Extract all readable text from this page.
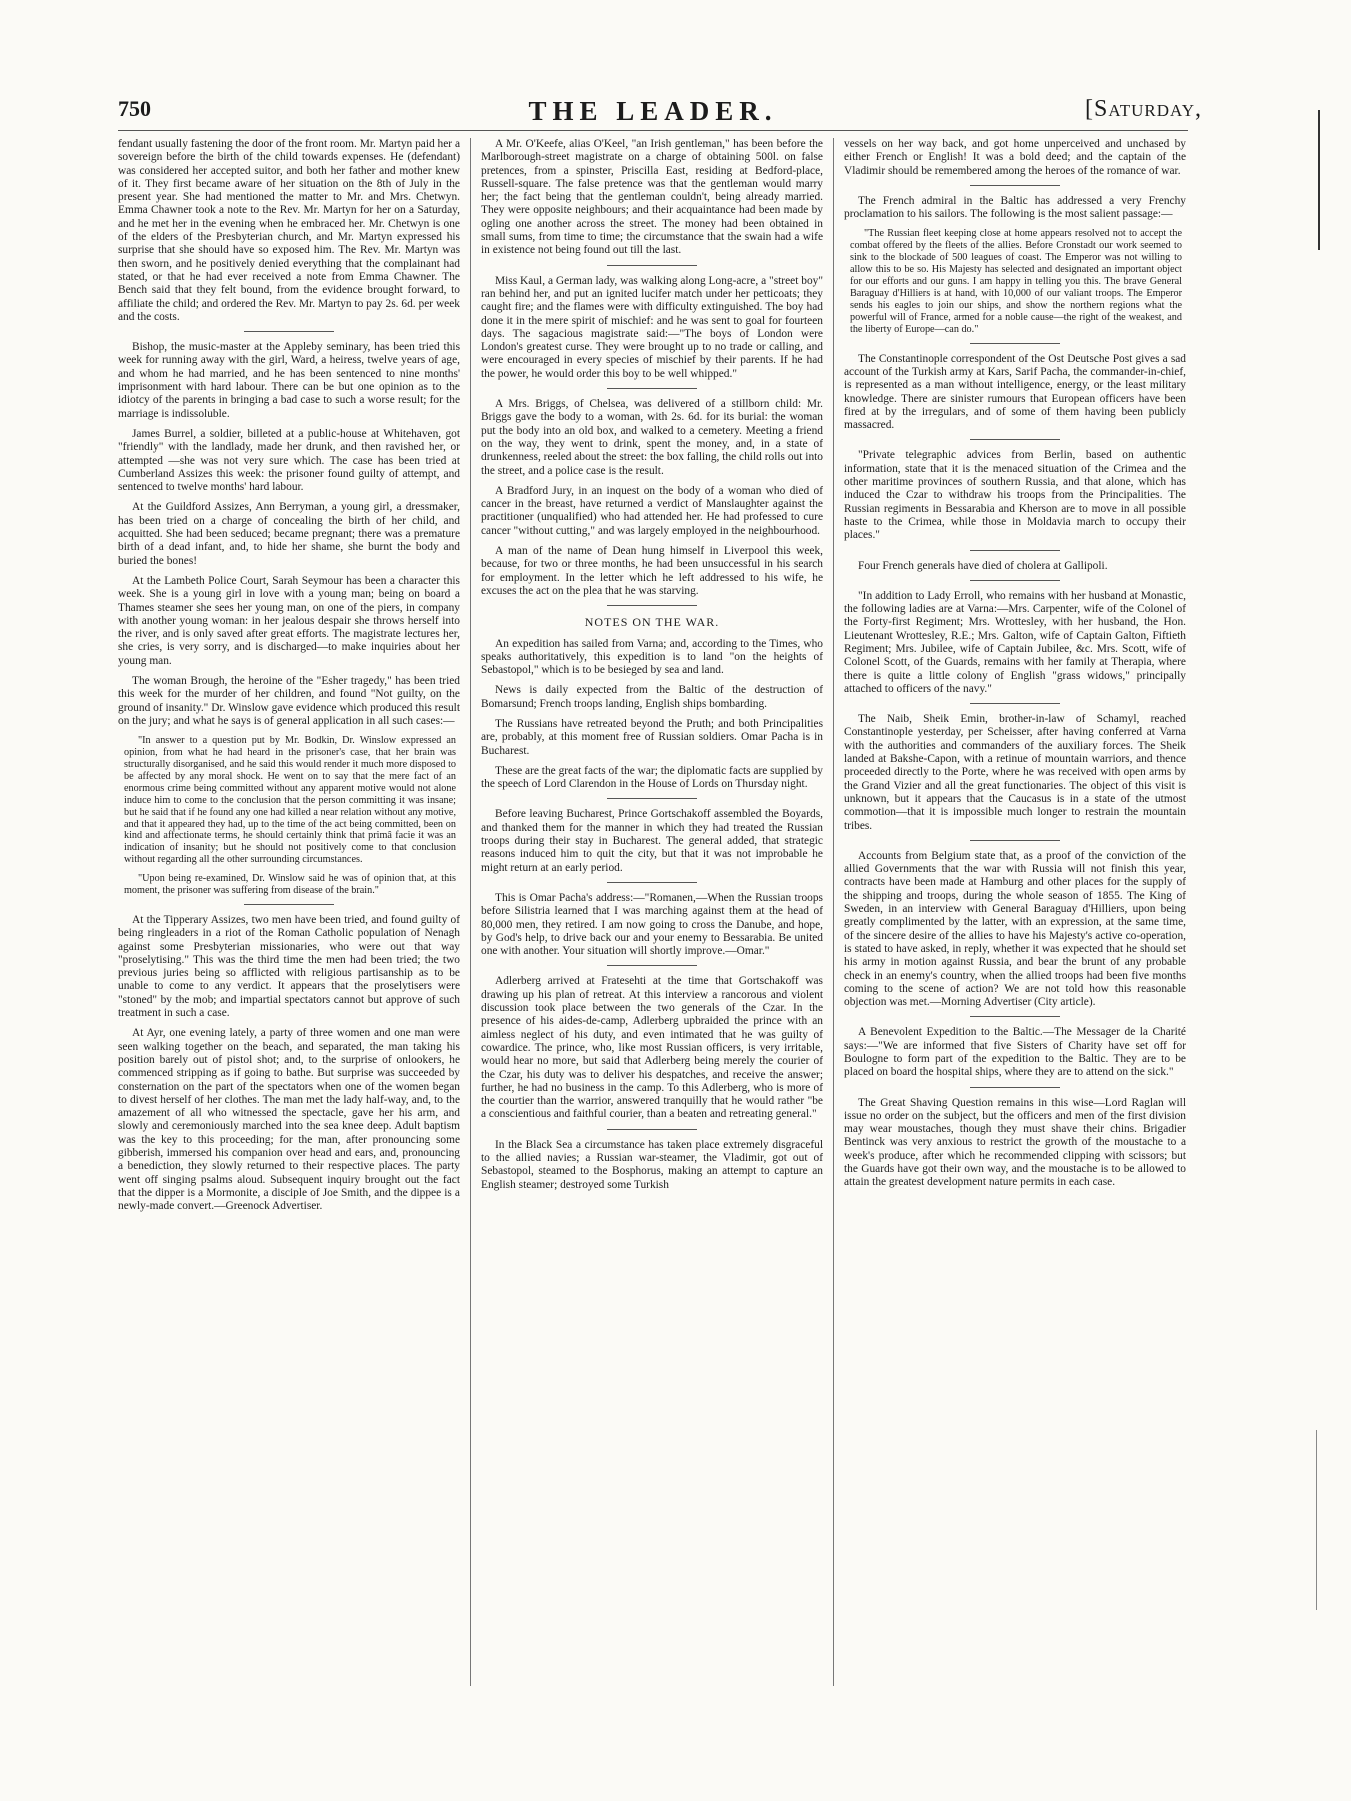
750	THE LEADER.	[Saturday,

fendant usually fastening the door of the front room. Mr. Martyn paid her a sovereign before the birth of the child towards expenses. He (defendant) was considered her accepted suitor, and both her father and mother knew of it. They first became aware of her situation on the 8th of July in the present year. She had mentioned the matter to Mr. and Mrs. Chetwyn. Emma Chawner took a note to the Rev. Mr. Martyn for her on a Saturday, and he met her in the evening when he embraced her. Mr. Chetwyn is one of the elders of the Presbyterian church, and Mr. Martyn expressed his surprise that she should have so exposed him. The Rev. Mr. Martyn was then sworn, and he positively denied everything that the complainant had stated, or that he had ever received a note from Emma Chawner. The Bench said that they felt bound, from the evidence brought forward, to affiliate the child; and ordered the Rev. Mr. Martyn to pay 2s. 6d. per week and the costs.

Bishop, the music-master at the Appleby seminary, has been tried this week for running away with the girl, Ward, a heiress, twelve years of age, and whom he had married, and he has been sentenced to nine months' imprisonment with hard labour. There can be but one opinion as to the idiotcy of the parents in bringing a bad case to such a worse result; for the marriage is indissoluble.

James Burrel, a soldier, billeted at a public-house at Whitehaven, got "friendly" with the landlady, made her drunk, and then ravished her, or attempted —she was not very sure which. The case has been tried at Cumberland Assizes this week: the prisoner found guilty of attempt, and sentenced to twelve months' hard labour.

At the Guildford Assizes, Ann Berryman, a young girl, a dressmaker, has been tried on a charge of concealing the birth of her child, and acquitted. She had been seduced; became pregnant; there was a premature birth of a dead infant, and, to hide her shame, she burnt the body and buried the bones!

At the Lambeth Police Court, Sarah Seymour has been a character this week. She is a young girl in love with a young man; being on board a Thames steamer she sees her young man, on one of the piers, in company with another young woman: in her jealous despair she throws herself into the river, and is only saved after great efforts. The magistrate lectures her, she cries, is very sorry, and is discharged—to make inquiries about her young man.

The woman Brough, the heroine of the "Esher tragedy," has been tried this week for the murder of her children, and found "Not guilty, on the ground of insanity." Dr. Winslow gave evidence which produced this result on the jury; and what he says is of general application in all such cases:—

"In answer to a question put by Mr. Bodkin, Dr. Winslow expressed an opinion, from what he had heard in the prisoner's case, that her brain was structurally disorganised, and he said this would render it much more disposed to be affected by any moral shock. He went on to say that the mere fact of an enormous crime being committed without any apparent motive would not alone induce him to come to the conclusion that the person committing it was insane; but he said that if he found any one had killed a near relation without any motive, and that it appeared they had, up to the time of the act being committed, been on kind and affectionate terms, he should certainly think that primâ facie it was an indication of insanity; but he should not positively come to that conclusion without regarding all the other surrounding circumstances.

"Upon being re-examined, Dr. Winslow said he was of opinion that, at this moment, the prisoner was suffering from disease of the brain."

At the Tipperary Assizes, two men have been tried, and found guilty of being ringleaders in a riot of the Roman Catholic population of Nenagh against some Presbyterian missionaries, who were out that way "proselytising." This was the third time the men had been tried; the two previous juries being so afflicted with religious partisanship as to be unable to come to any verdict. It appears that the proselytisers were "stoned" by the mob; and impartial spectators cannot but approve of such treatment in such a case.

At Ayr, one evening lately, a party of three women and one man were seen walking together on the beach, and separated, the man taking his position barely out of pistol shot; and, to the surprise of onlookers, he commenced stripping as if going to bathe. But surprise was succeeded by consternation on the part of the spectators when one of the women began to divest herself of her clothes. The man met the lady half-way, and, to the amazement of all who witnessed the spectacle, gave her his arm, and slowly and ceremoniously marched into the sea knee deep. Adult baptism was the key to this proceeding; for the man, after pronouncing some gibberish, immersed his companion over head and ears, and, pronouncing a benediction, they slowly returned to their respective places. The party went off singing psalms aloud. Subsequent inquiry brought out the fact that the dipper is a Mormonite, a disciple of Joe Smith, and the dippee is a newly-made convert.—Greenock Advertiser.

A Mr. O'Keefe, alias O'Keel, "an Irish gentleman," has been before the Marlborough-street magistrate on a charge of obtaining 500l. on false pretences, from a spinster, Priscilla East, residing at Bedford-place, Russell-square. The false pretence was that the gentleman would marry her; the fact being that the gentleman couldn't, being already married. They were opposite neighbours; and their acquaintance had been made by ogling one another across the street. The money had been obtained in small sums, from time to time; the circumstance that the swain had a wife in existence not being found out till the last.

Miss Kaul, a German lady, was walking along Long-acre, a "street boy" ran behind her, and put an ignited lucifer match under her petticoats; they caught fire; and the flames were with difficulty extinguished. The boy had done it in the mere spirit of mischief: and he was sent to goal for fourteen days. The sagacious magistrate said:—"The boys of London were London's greatest curse. They were brought up to no trade or calling, and were encouraged in every species of mischief by their parents. If he had the power, he would order this boy to be well whipped."

A Mrs. Briggs, of Chelsea, was delivered of a stillborn child: Mr. Briggs gave the body to a woman, with 2s. 6d. for its burial: the woman put the body into an old box, and walked to a cemetery. Meeting a friend on the way, they went to drink, spent the money, and, in a state of drunkenness, reeled about the street: the box falling, the child rolls out into the street, and a police case is the result.

A Bradford Jury, in an inquest on the body of a woman who died of cancer in the breast, have returned a verdict of Manslaughter against the practitioner (unqualified) who had attended her. He had professed to cure cancer "without cutting," and was largely employed in the neighbourhood.

A man of the name of Dean hung himself in Liverpool this week, because, for two or three months, he had been unsuccessful in his search for employment. In the letter which he left addressed to his wife, he excuses the act on the plea that he was starving.

NOTES ON THE WAR.

An expedition has sailed from Varna; and, according to the Times, who speaks authoritatively, this expedition is to land "on the heights of Sebastopol," which is to be besieged by sea and land.

News is daily expected from the Baltic of the destruction of Bomarsund; French troops landing, English ships bombarding.

The Russians have retreated beyond the Pruth; and both Principalities are, probably, at this moment free of Russian soldiers. Omar Pacha is in Bucharest.

These are the great facts of the war; the diplomatic facts are supplied by the speech of Lord Clarendon in the House of Lords on Thursday night.

Before leaving Bucharest, Prince Gortschakoff assembled the Boyards, and thanked them for the manner in which they had treated the Russian troops during their stay in Bucharest. The general added, that strategic reasons induced him to quit the city, but that it was not improbable he might return at an early period.

This is Omar Pacha's address:—"Romanen,—When the Russian troops before Silistria learned that I was marching against them at the head of 80,000 men, they retired. I am now going to cross the Danube, and hope, by God's help, to drive back our and your enemy to Bessarabia. Be united one with another. Your situation will shortly improve.—Omar."

Adlerberg arrived at Fratesehti at the time that Gortschakoff was drawing up his plan of retreat. At this interview a rancorous and violent discussion took place between the two generals of the Czar. In the presence of his aides-de-camp, Adlerberg upbraided the prince with an aimless neglect of his duty, and even intimated that he was guilty of cowardice. The prince, who, like most Russian officers, is very irritable, would hear no more, but said that Adlerberg being merely the courier of the Czar, his duty was to deliver his despatches, and receive the answer; further, he had no business in the camp. To this Adlerberg, who is more of the courtier than the warrior, answered tranquilly that he would rather "be a conscientious and faithful courier, than a beaten and retreating general."

In the Black Sea a circumstance has taken place extremely disgraceful to the allied navies; a Russian war-steamer, the Vladimir, got out of Sebastopol, steamed to the Bosphorus, making an attempt to capture an English steamer; destroyed some Turkish

vessels on her way back, and got home unperceived and unchased by either French or English! It was a bold deed; and the captain of the Vladimir should be remembered among the heroes of the romance of war.

The French admiral in the Baltic has addressed a very Frenchy proclamation to his sailors. The following is the most salient passage:—

"The Russian fleet keeping close at home appears resolved not to accept the combat offered by the fleets of the allies. Before Cronstadt our work seemed to sink to the blockade of 500 leagues of coast. The Emperor was not willing to allow this to be so. His Majesty has selected and designated an important object for our efforts and our guns. I am happy in telling you this. The brave General Baraguay d'Hilliers is at hand, with 10,000 of our valiant troops. The Emperor sends his eagles to join our ships, and show the northern regions what the powerful will of France, armed for a noble cause—the right of the weakest, and the liberty of Europe—can do."

The Constantinople correspondent of the Ost Deutsche Post gives a sad account of the Turkish army at Kars, Sarif Pacha, the commander-in-chief, is represented as a man without intelligence, energy, or the least military knowledge. There are sinister rumours that European officers have been fired at by the irregulars, and of some of them having been publicly massacred.

"Private telegraphic advices from Berlin, based on authentic information, state that it is the menaced situation of the Crimea and the other maritime provinces of southern Russia, and that alone, which has induced the Czar to withdraw his troops from the Principalities. The Russian regiments in Bessarabia and Kherson are to move in all possible haste to the Crimea, while those in Moldavia march to occupy their places."

Four French generals have died of cholera at Gallipoli.

"In addition to Lady Erroll, who remains with her husband at Monastic, the following ladies are at Varna:—Mrs. Carpenter, wife of the Colonel of the Forty-first Regiment; Mrs. Wrottesley, with her husband, the Hon. Lieutenant Wrottesley, R.E.; Mrs. Galton, wife of Captain Galton, Fiftieth Regiment; Mrs. Jubilee, wife of Captain Jubilee, &c. Mrs. Scott, wife of Colonel Scott, of the Guards, remains with her family at Therapia, where there is quite a little colony of English "grass widows," principally attached to officers of the navy."

The Naib, Sheik Emin, brother-in-law of Schamyl, reached Constantinople yesterday, per Scheisser, after having conferred at Varna with the authorities and commanders of the auxiliary forces. The Sheik landed at Bakshe-Capon, with a retinue of mountain warriors, and thence proceeded directly to the Porte, where he was received with open arms by the Grand Vizier and all the great functionaries. The object of this visit is unknown, but it appears that the Caucasus is in a state of the utmost commotion—that it is impossible much longer to restrain the mountain tribes.

Accounts from Belgium state that, as a proof of the conviction of the allied Governments that the war with Russia will not finish this year, contracts have been made at Hamburg and other places for the supply of the shipping and troops, during the whole season of 1855. The King of Sweden, in an interview with General Baraguay d'Hilliers, upon being greatly complimented by the latter, with an expression, at the same time, of the sincere desire of the allies to have his Majesty's active co-operation, is stated to have asked, in reply, whether it was expected that he should set his army in motion against Russia, and bear the brunt of any probable check in an enemy's country, when the allied troops had been five months coming to the scene of action? We are not told how this reasonable objection was met.—Morning Advertiser (City article).

A Benevolent Expedition to the Baltic.—The Messager de la Charité says:—"We are informed that five Sisters of Charity have set off for Boulogne to form part of the expedition to the Baltic. They are to be placed on board the hospital ships, where they are to attend on the sick."

The Great Shaving Question remains in this wise—Lord Raglan will issue no order on the subject, but the officers and men of the first division may wear moustaches, though they must shave their chins. Brigadier Bentinck was very anxious to restrict the growth of the moustache to a week's produce, after which he recommended clipping with scissors; but the Guards have got their own way, and the moustache is to be allowed to attain the greatest development nature permits in each case.
